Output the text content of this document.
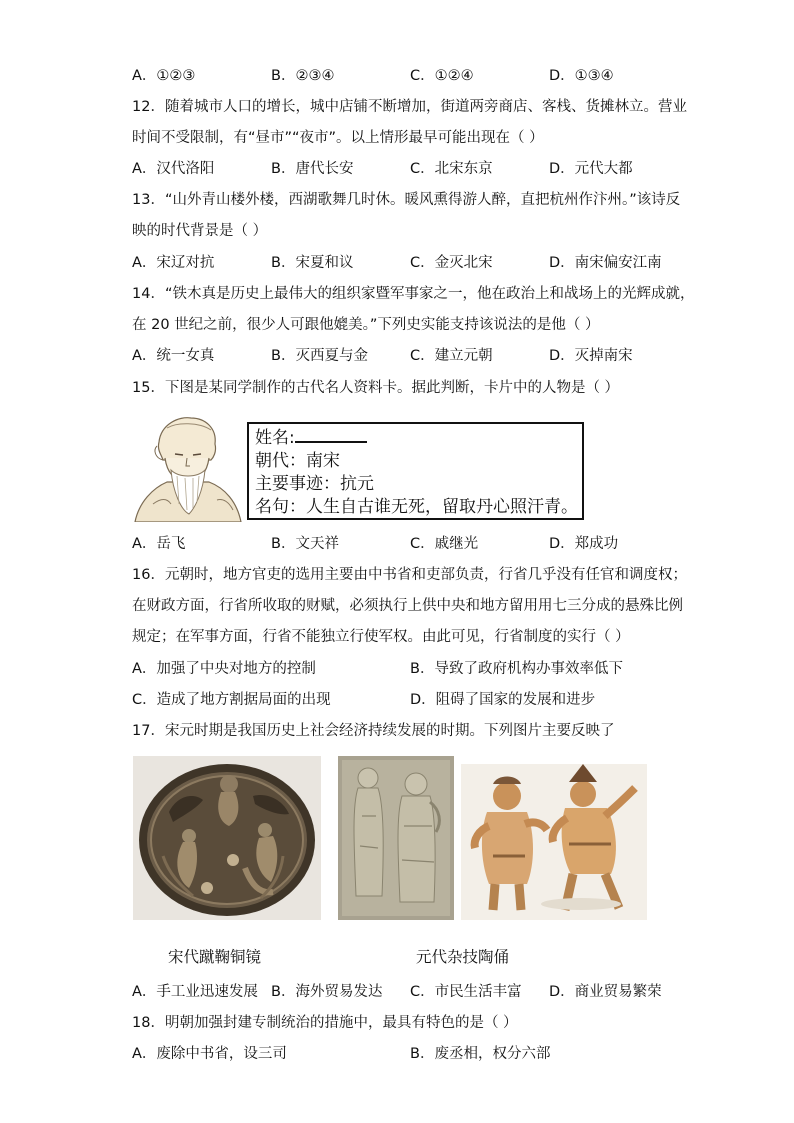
A．①②③	B．②③④	C．①②④	D．①③④
12．随着城市人口的增长，城中店铺不断增加，街道两旁商店、客栈、货摊林立。营业
时间不受限制，有“昼市”“夜市”。以上情形最早可能出现在（ ）
A．汉代洛阳	B．唐代长安	C．北宋东京	D．元代大都
13．“山外青山楼外楼，西湖歌舞几时休。暖风熏得游人醉，直把杭州作汴州。”该诗反
映的时代背景是（ ）
A．宋辽对抗	B．宋夏和议	C．金灭北宋	D．南宋偏安江南
14．“铁木真是历史上最伟大的组织家暨军事家之一，他在政治上和战场上的光辉成就，
在 20 世纪之前，很少人可跟他媲美。”下列史实能支持该说法的是他（ ）
A．统一女真	B．灭西夏与金	C．建立元朝	D．灭掉南宋
15．下图是某同学制作的古代名人资料卡。据此判断，卡片中的人物是（ ）
姓名:
朝代：南宋
主要事迹：抗元
名句：人生自古谁无死，留取丹心照汗青。
A．岳飞	B．文天祥	C．戚继光	D．郑成功
16．元朝时，地方官吏的选用主要由中书省和吏部负责，行省几乎没有任官和调度权；
在财政方面，行省所收取的财赋，必须执行上供中央和地方留用用七三分成的悬殊比例
规定；在军事方面，行省不能独立行使军权。由此可见，行省制度的实行（ ）
A．加强了中央对地方的控制	B．导致了政府机构办事效率低下
C．造成了地方割据局面的出现	D．阻碍了国家的发展和进步
17．宋元时期是我国历史上社会经济持续发展的时期。下列图片主要反映了
宋代蹴鞠铜镜	元代杂技陶俑
A．手工业迅速发展 B．海外贸易发达 C．市民生活丰富 D．商业贸易繁荣
18．明朝加强封建专制统治的措施中，最具有特色的是（ ）
A．废除中书省，设三司	B．废丞相，权分六部
